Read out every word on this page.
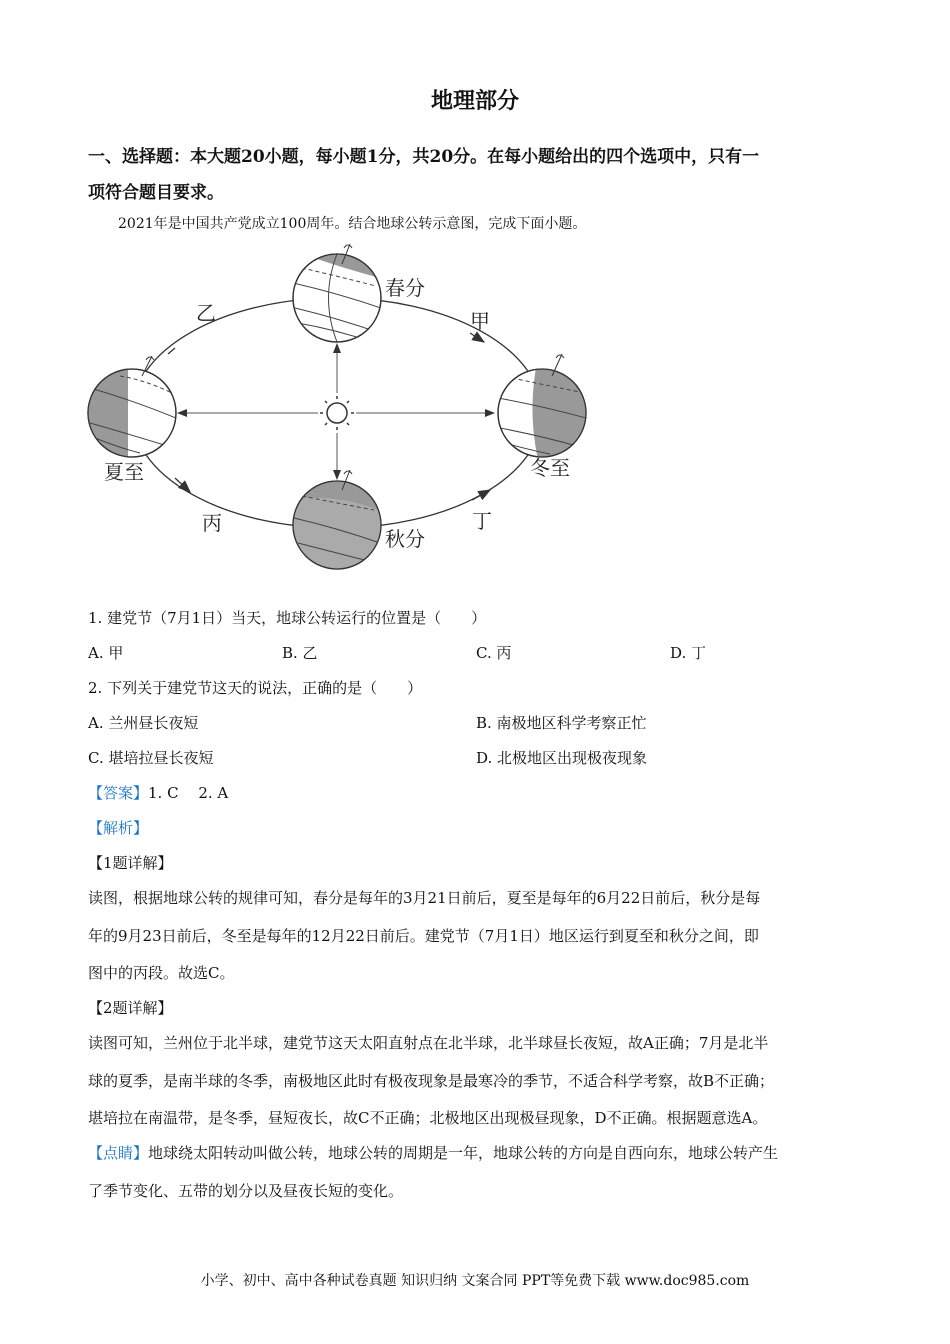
地理部分
一、选择题：本大题20小题，每小题1分，共20分。在每小题给出的四个选项中，只有一
项符合题目要求。
2021年是中国共产党成立100周年。结合地球公转示意图，完成下面小题。
春分
夏至
秋分
冬至
甲
乙
丙	丁
1. 建党节（7月1日）当天，地球公转运行的位置是（　　）
A. 甲	B. 乙	C. 丙	D. 丁
2. 下列关于建党节这天的说法，正确的是（　　）
A. 兰州昼长夜短	B. 南极地区科学考察正忙
C. 堪培拉昼长夜短	D. 北极地区出现极夜现象
【答案】1. C　 2. A
【解析】
【1题详解】
读图，根据地球公转的规律可知，春分是每年的3月21日前后，夏至是每年的6月22日前后，秋分是每
年的9月23日前后，冬至是每年的12月22日前后。建党节（7月1日）地区运行到夏至和秋分之间，即
图中的丙段。故选C。
【2题详解】
读图可知，兰州位于北半球，建党节这天太阳直射点在北半球，北半球昼长夜短，故A正确；7月是北半
球的夏季，是南半球的冬季，南极地区此时有极夜现象是最寒冷的季节，不适合科学考察，故B不正确；
堪培拉在南温带，是冬季，昼短夜长，故C不正确；北极地区出现极昼现象，D不正确。根据题意选A。
【点睛】地球绕太阳转动叫做公转，地球公转的周期是一年，地球公转的方向是自西向东，地球公转产生
了季节变化、五带的划分以及昼夜长短的变化。
小学、初中、高中各种试卷真题 知识归纳 文案合同 PPT等免费下载 www.doc985.com
